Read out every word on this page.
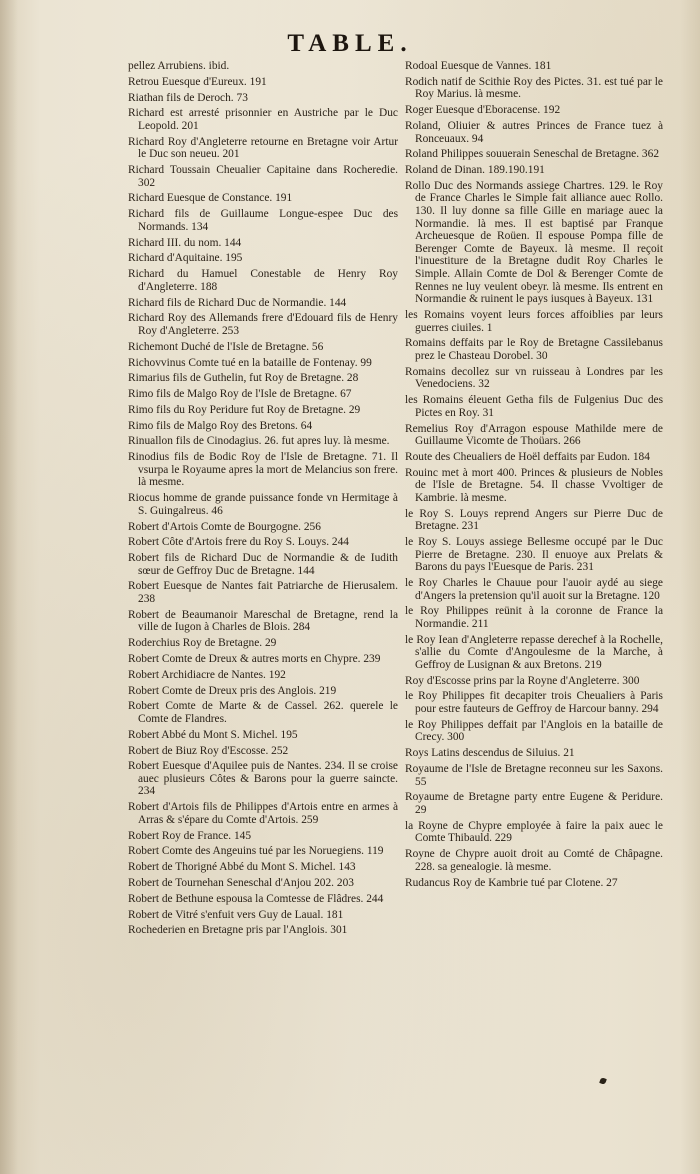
TABLE.
pellez Arrubiens. ibid.
Retrou Euesque d'Eureux. 191
Riathan fils de Deroch. 73
Richard est arresté prisonnier en Austriche par le Duc Leopold. 201
Richard Roy d'Angleterre retourne en Bretagne voir Artur le Duc son neueu. 201
Richard Toussain Cheualier Capitaine dans Rocheredie. 302
Richard Euesque de Constance. 191
Richard fils de Guillaume Longue-espee Duc des Normands. 134
Richard III. du nom. 144
Richard d'Aquitaine. 195
Richard du Hamuel Conestable de Henry Roy d'Angleterre. 188
Richard fils de Richard Duc de Normandie. 144
Richard Roy des Allemands frere d'Edouard fils de Henry Roy d'Angleterre. 253
Richemont Duché de l'Isle de Bretagne. 56
Richovvinus Comte tué en la bataille de Fontenay. 99
Rimarius fils de Guthelin, fut Roy de Bretagne. 28
Rimo fils de Malgo Roy de l'Isle de Bretagne. 67
Rimo fils du Roy Peridure fut Roy de Bretagne. 29
Rimo fils de Malgo Roy des Bretons. 64
Rinuallon fils de Cinodagius. 26. fut apres luy. là mesme.
Rinodius fils de Bodic Roy de l'Isle de Bretagne. 71. Il vsurpa le Royaume apres la mort de Melancius son frere. là mesme.
Riocus homme de grande puissance fonde vn Hermitage à S. Guingalreus. 46
Robert d'Artois Comte de Bourgogne. 256
Robert Côte d'Artois frere du Roy S. Louys. 244
Robert fils de Richard Duc de Normandie & de Iudith sœur de Geffroy Duc de Bretagne. 144
Robert Euesque de Nantes fait Patriarche de Hierusalem. 238
Robert de Beaumanoir Mareschal de Bretagne, rend la ville de Iugon à Charles de Blois. 284
Roderchius Roy de Bretagne. 29
Robert Comte de Dreux & autres morts en Chypre. 239
Robert Archidiacre de Nantes. 192
Robert Comte de Dreux pris des Anglois. 219
Robert Comte de Marte & de Cassel. 262. querele le Comte de Flandres.
Robert Abbé du Mont S. Michel. 195
Robert de Biuz Roy d'Escosse. 252
Robert Euesque d'Aquilee puis de Nantes. 234. Il se croise auec plusieurs Côtes & Barons pour la guerre saincte. 234
Robert d'Artois fils de Philippes d'Artois entre en armes à Arras & s'épare du Comte d'Artois. 259
Robert Roy de France. 145
Robert Comte des Angeuins tué par les Noruegiens. 119
Robert de Thorigné Abbé du Mont S. Michel. 143
Robert de Tournehan Seneschal d'Anjou 202. 203
Robert de Bethune espousa la Comtesse de Flâdres. 244
Robert de Vitré s'enfuit vers Guy de Laual. 181
Rochederien en Bretagne pris par l'Anglois. 301
Rodoal Euesque de Vannes. 181
Rodich natif de Scithie Roy des Pictes. 31. est tué par le Roy Marius. là mesme.
Roger Euesque d'Eboracense. 192
Roland, Oliuier & autres Princes de France tuez à Ronceuaux. 94
Roland Philippes souuerain Seneschal de Bretagne. 362
Roland de Dinan. 189.190.191
Rollo Duc des Normands assiege Chartres. 129. le Roy de France Charles le Simple fait alliance auec Rollo. 130. Il luy donne sa fille Gille en mariage auec la Normandie. là mes. Il est baptisé par Franque Archeuesque de Roüen. Il espouse Pompa fille de Berenger Comte de Bayeux. là mesme. Il reçoit l'inuestiture de la Bretagne dudit Roy Charles le Simple. Allain Comte de Dol & Berenger Comte de Rennes ne luy veulent obeyr. là mesme. Ils entrent en Normandie & ruinent le pays iusques à Bayeux. 131
les Romains voyent leurs forces affoiblies par leurs guerres ciuiles. 1
Romains deffaits par le Roy de Bretagne Cassilebanus prez le Chasteau Dorobel. 30
Romains decollez sur vn ruisseau à Londres par les Venedociens. 32
les Romains éleuent Getha fils de Fulgenius Duc des Pictes en Roy. 31
Remelius Roy d'Arragon espouse Mathilde mere de Guillaume Vicomte de Thoüars. 266
Route des Cheualiers de Hoël deffaits par Eudon. 184
Rouinc met à mort 400. Princes & plusieurs de Nobles de l'Isle de Bretagne. 54. Il chasse Vvoltiger de Kambrie. là mesme.
le Roy S. Louys reprend Angers sur Pierre Duc de Bretagne. 231
le Roy S. Louys assiege Bellesme occupé par le Duc Pierre de Bretagne. 230. Il enuoye aux Prelats & Barons du pays l'Euesque de Paris. 231
le Roy Charles le Chauue pour l'auoir aydé au siege d'Angers la pretension qu'il auoit sur la Bretagne. 120
le Roy Philippes reünit à la coronne de France la Normandie. 211
le Roy Iean d'Angleterre repasse derechef à la Rochelle, s'allie du Comte d'Angoulesme de la Marche, à Geffroy de Lusignan & aux Bretons. 219
Roy d'Escosse prins par la Royne d'Angleterre. 300
le Roy Philippes fit decapiter trois Cheualiers à Paris pour estre fauteurs de Geffroy de Harcour banny. 294
le Roy Philippes deffait par l'Anglois en la bataille de Crecy. 300
Roys Latins descendus de Siluius. 21
Royaume de l'Isle de Bretagne reconneu sur les Saxons. 55
Royaume de Bretagne party entre Eugene & Peridure. 29
la Royne de Chypre employée à faire la paix auec le Comte Thibauld. 229
Royne de Chypre auoit droit au Comté de Châpagne. 228. sa genealogie. là mesme.
Rudancus Roy de Kambrie tué par Clotene. 27
